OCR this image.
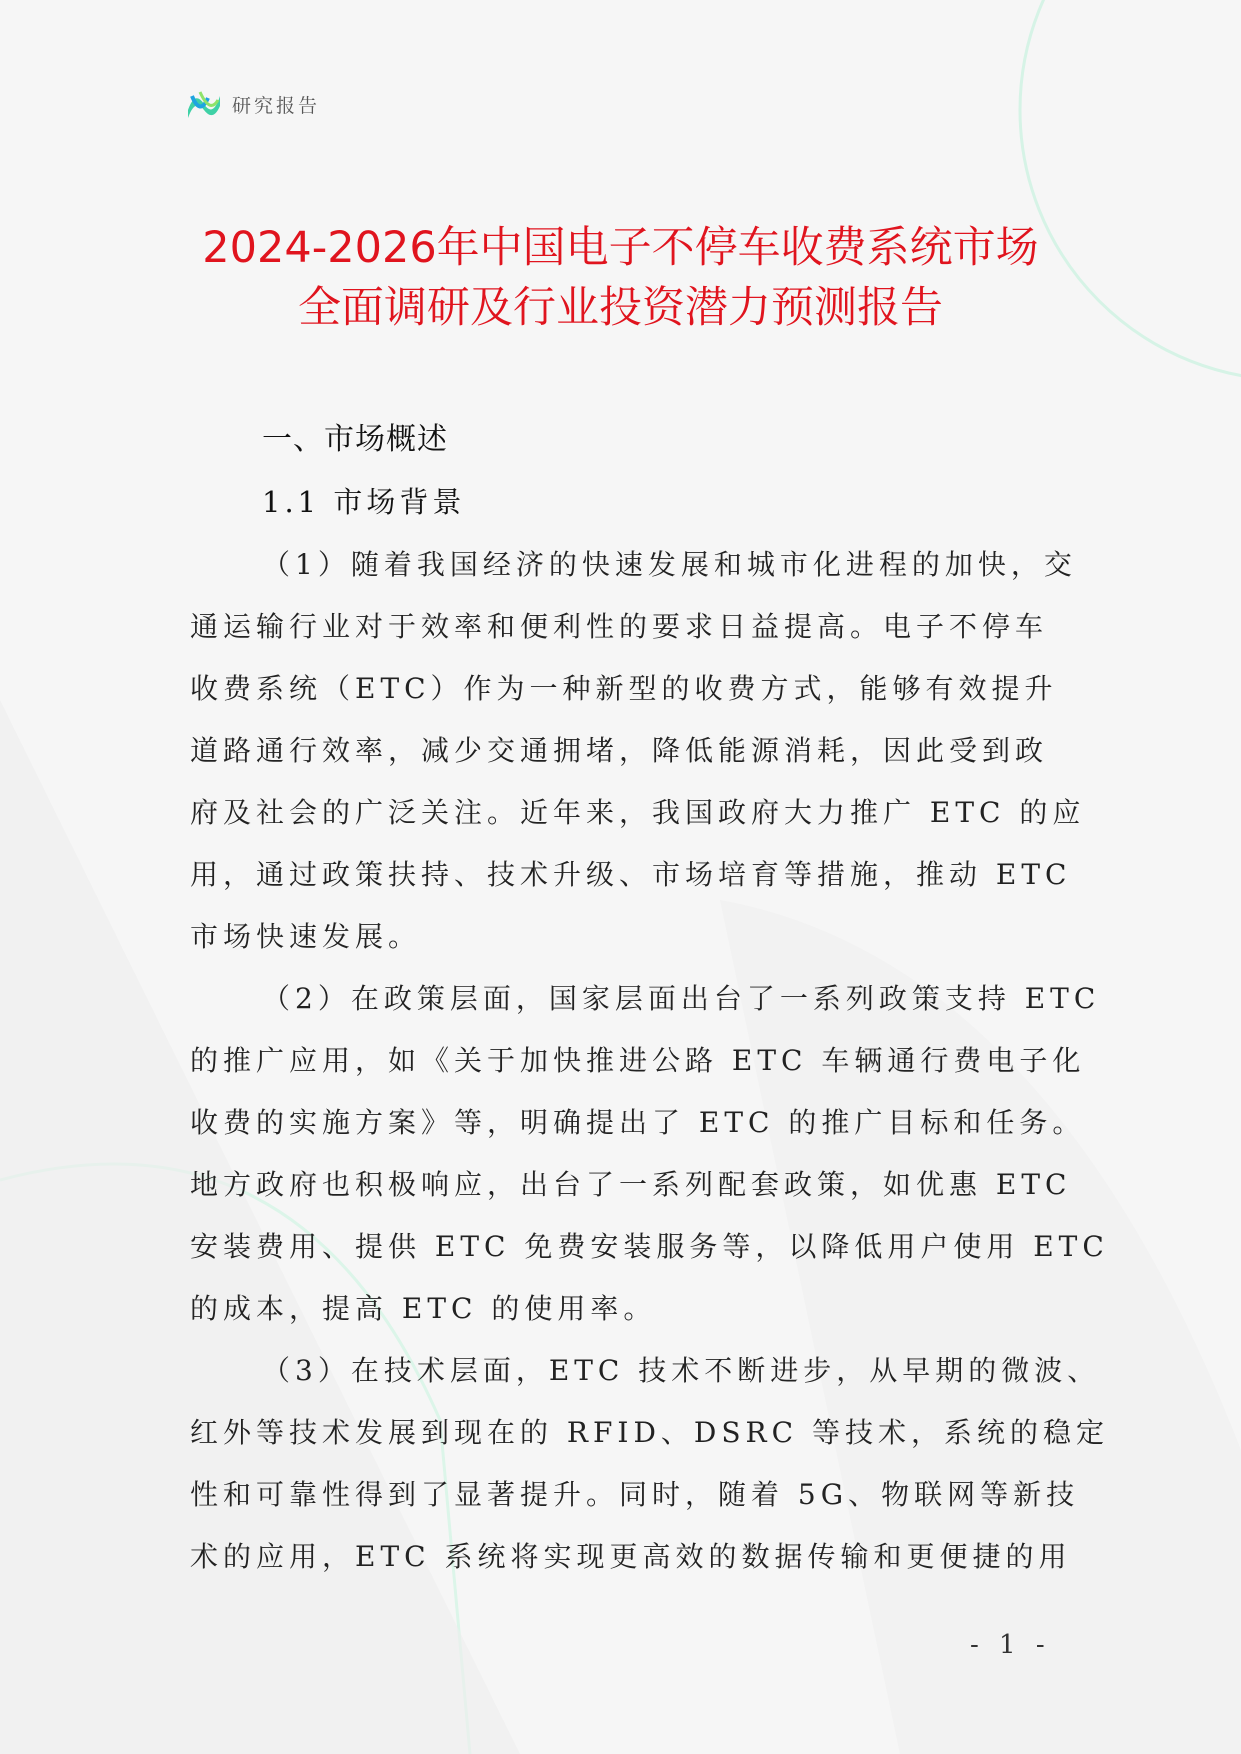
研究报告
2024-2026年中国电子不停车收费系统市场
全面调研及行业投资潜力预测报告
一、市场概述
1.1 市场背景

（1）随着我国经济的快速发展和城市化进程的加快，交
通运输行业对于效率和便利性的要求日益提高。电子不停车
收费系统（ETC）作为一种新型的收费方式，能够有效提升
道路通行效率，减少交通拥堵，降低能源消耗，因此受到政
府及社会的广泛关注。近年来，我国政府大力推广 ETC 的应
用，通过政策扶持、技术升级、市场培育等措施，推动 ETC
市场快速发展。

（2）在政策层面，国家层面出台了一系列政策支持 ETC
的推广应用，如《关于加快推进公路 ETC 车辆通行费电子化
收费的实施方案》等，明确提出了 ETC 的推广目标和任务。
地方政府也积极响应，出台了一系列配套政策，如优惠 ETC
安装费用、提供 ETC 免费安装服务等，以降低用户使用 ETC
的成本，提高 ETC 的使用率。

（3）在技术层面，ETC 技术不断进步，从早期的微波、
红外等技术发展到现在的 RFID、DSRC 等技术，系统的稳定
性和可靠性得到了显著提升。同时，随着 5G、物联网等新技
术的应用，ETC 系统将实现更高效的数据传输和更便捷的用

- 1 -
